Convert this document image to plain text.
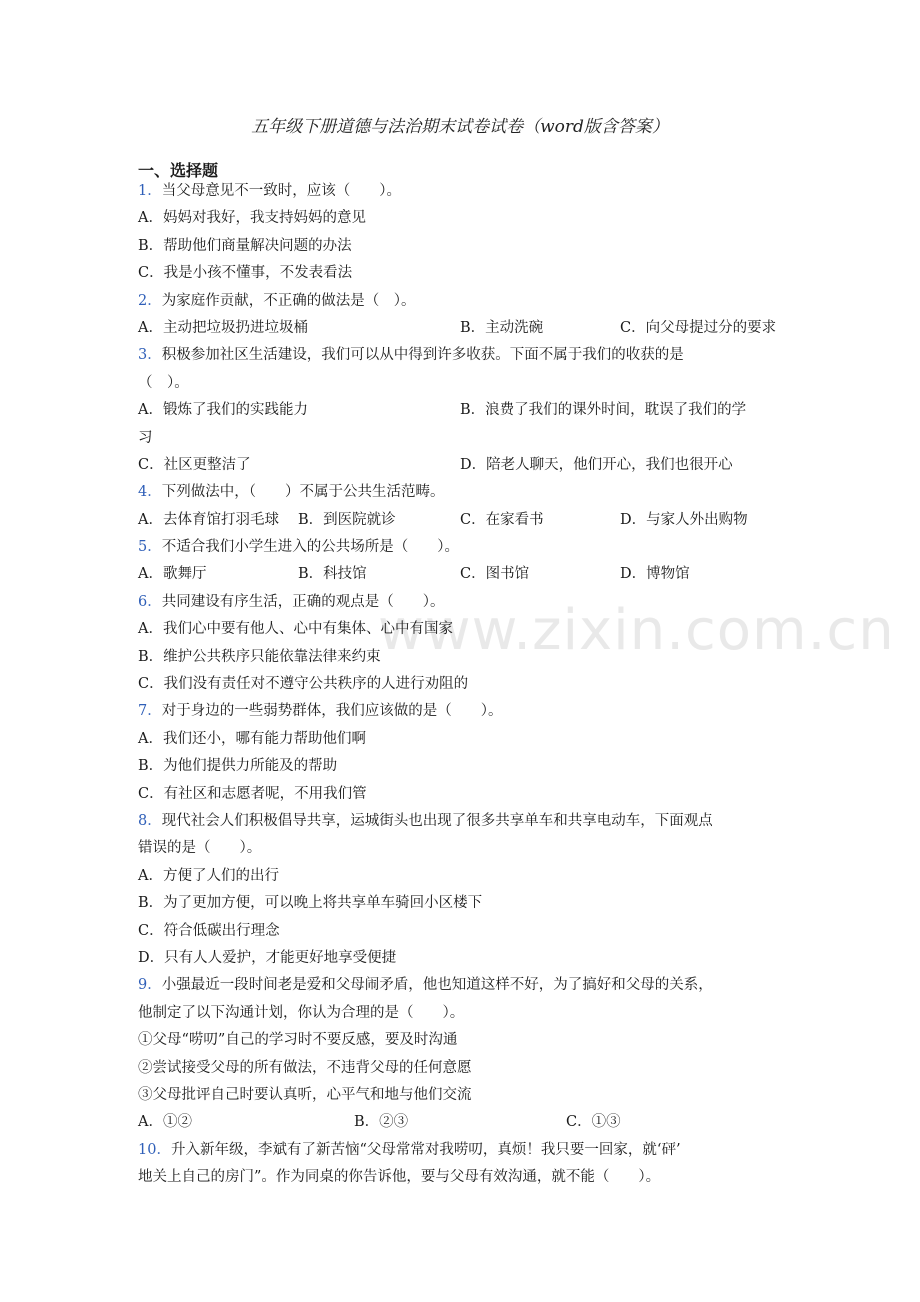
www.zixin.com.cn
五年级下册道德与法治期末试卷试卷（word版含答案）
一、选择题
1．当父母意见不一致时，应该（　　）。
A．妈妈对我好，我支持妈妈的意见
B．帮助他们商量解决问题的办法
C．我是小孩不懂事，不发表看法
2．为家庭作贡献，不正确的做法是（　）。
A．主动把垃圾扔进垃圾桶	B．主动洗碗	C．向父母提过分的要求
3．积极参加社区生活建设，我们可以从中得到许多收获。下面不属于我们的收获的是
（　）。
A．锻炼了我们的实践能力	B．浪费了我们的课外时间，耽误了我们的学
习
C．社区更整洁了	D．陪老人聊天，他们开心，我们也很开心
4．下列做法中，（　　）不属于公共生活范畴。
A．去体育馆打羽毛球 B．到医院就诊	C．在家看书	D．与家人外出购物
5．不适合我们小学生进入的公共场所是（　　）。
A．歌舞厅	B．科技馆	C．图书馆	D．博物馆
6．共同建设有序生活，正确的观点是（　　）。
A．我们心中要有他人、心中有集体、心中有国家
B．维护公共秩序只能依靠法律来约束
C．我们没有责任对不遵守公共秩序的人进行劝阻的
7．对于身边的一些弱势群体，我们应该做的是（　　）。
A．我们还小，哪有能力帮助他们啊
B．为他们提供力所能及的帮助
C．有社区和志愿者呢，不用我们管
8．现代社会人们积极倡导共享，运城街头也出现了很多共享单车和共享电动车，下面观点
错误的是（　　）。
A．方便了人们的出行
B．为了更加方便，可以晚上将共享单车骑回小区楼下
C．符合低碳出行理念
D．只有人人爱护，才能更好地享受便捷
9．小强最近一段时间老是爱和父母闹矛盾，他也知道这样不好，为了搞好和父母的关系，
他制定了以下沟通计划，你认为合理的是（　　）。
①父母“唠叨”自己的学习时不要反感，要及时沟通
②尝试接受父母的所有做法，不违背父母的任何意愿
③父母批评自己时要认真听，心平气和地与他们交流
A．①②	B．②③	C．①③
10．升入新年级，李斌有了新苦恼“父母常常对我唠叨，真烦！我只要一回家，就‘砰’
地关上自己的房门”。作为同桌的你告诉他，要与父母有效沟通，就不能（　　）。
